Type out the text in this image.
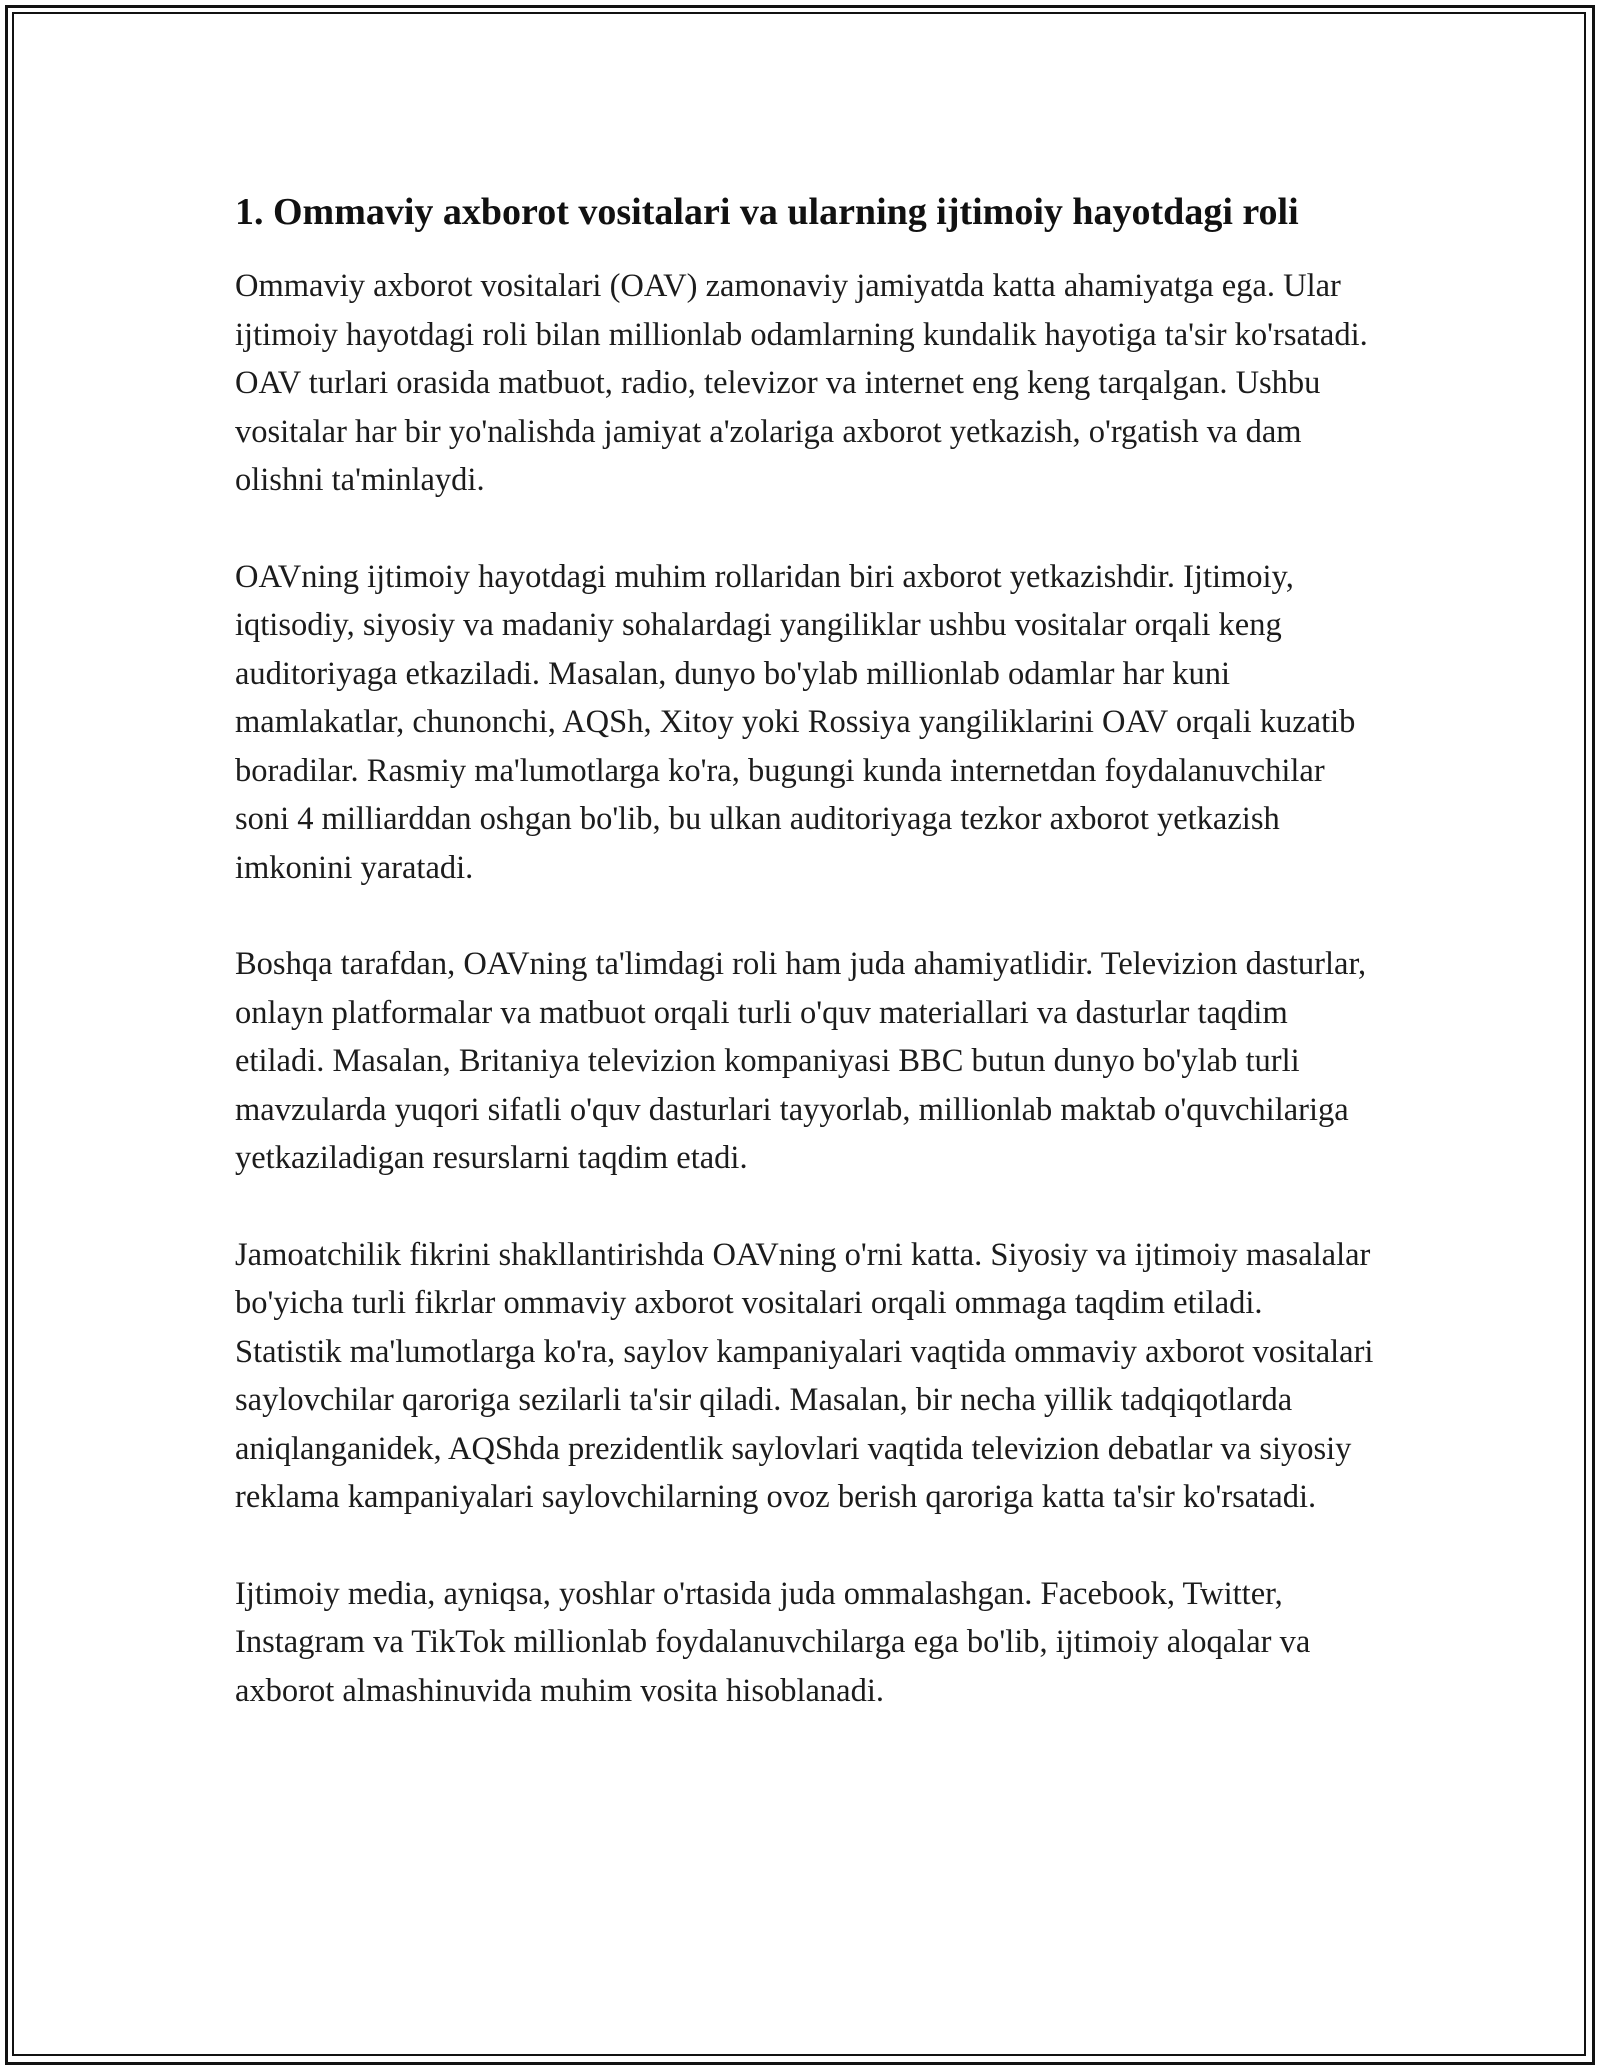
1. Ommaviy axborot vositalari va ularning ijtimoiy hayotdagi roli

Ommaviy axborot vositalari (OAV) zamonaviy jamiyatda katta ahamiyatga ega. Ular ijtimoiy hayotdagi roli bilan millionlab odamlarning kundalik hayotiga ta'sir ko'rsatadi. OAV turlari orasida matbuot, radio, televizor va internet eng keng tarqalgan. Ushbu vositalar har bir yo'nalishda jamiyat a'zolariga axborot yetkazish, o'rgatish va dam olishni ta'minlaydi.

OAVning ijtimoiy hayotdagi muhim rollaridan biri axborot yetkazishdir. Ijtimoiy, iqtisodiy, siyosiy va madaniy sohalardagi yangiliklar ushbu vositalar orqali keng auditoriyaga etkaziladi. Masalan, dunyo bo'ylab millionlab odamlar har kuni mamlakatlar, chunonchi, AQSh, Xitoy yoki Rossiya yangiliklarini OAV orqali kuzatib boradilar. Rasmiy ma'lumotlarga ko'ra, bugungi kunda internetdan foydalanuvchilar soni 4 milliarddan oshgan bo'lib, bu ulkan auditoriyaga tezkor axborot yetkazish imkonini yaratadi.

Boshqa tarafdan, OAVning ta'limdagi roli ham juda ahamiyatlidir. Televizion dasturlar, onlayn platformalar va matbuot orqali turli o'quv materiallari va dasturlar taqdim etiladi. Masalan, Britaniya televizion kompaniyasi BBC butun dunyo bo'ylab turli mavzularda yuqori sifatli o'quv dasturlari tayyorlab, millionlab maktab o'quvchilariga yetkaziladigan resurslarni taqdim etadi.

Jamoatchilik fikrini shakllantirishda OAVning o'rni katta. Siyosiy va ijtimoiy masalalar bo'yicha turli fikrlar ommaviy axborot vositalari orqali ommaga taqdim etiladi. Statistik ma'lumotlarga ko'ra, saylov kampaniyalari vaqtida ommaviy axborot vositalari saylovchilar qaroriga sezilarli ta'sir qiladi. Masalan, bir necha yillik tadqiqotlarda aniqlanganidek, AQShda prezidentlik saylovlari vaqtida televizion debatlar va siyosiy reklama kampaniyalari saylovchilarning ovoz berish qaroriga katta ta'sir ko'rsatadi.

Ijtimoiy media, ayniqsa, yoshlar o'rtasida juda ommalashgan. Facebook, Twitter, Instagram va TikTok millionlab foydalanuvchilarga ega bo'lib, ijtimoiy aloqalar va axborot almashinuvida muhim vosita hisoblanadi.
